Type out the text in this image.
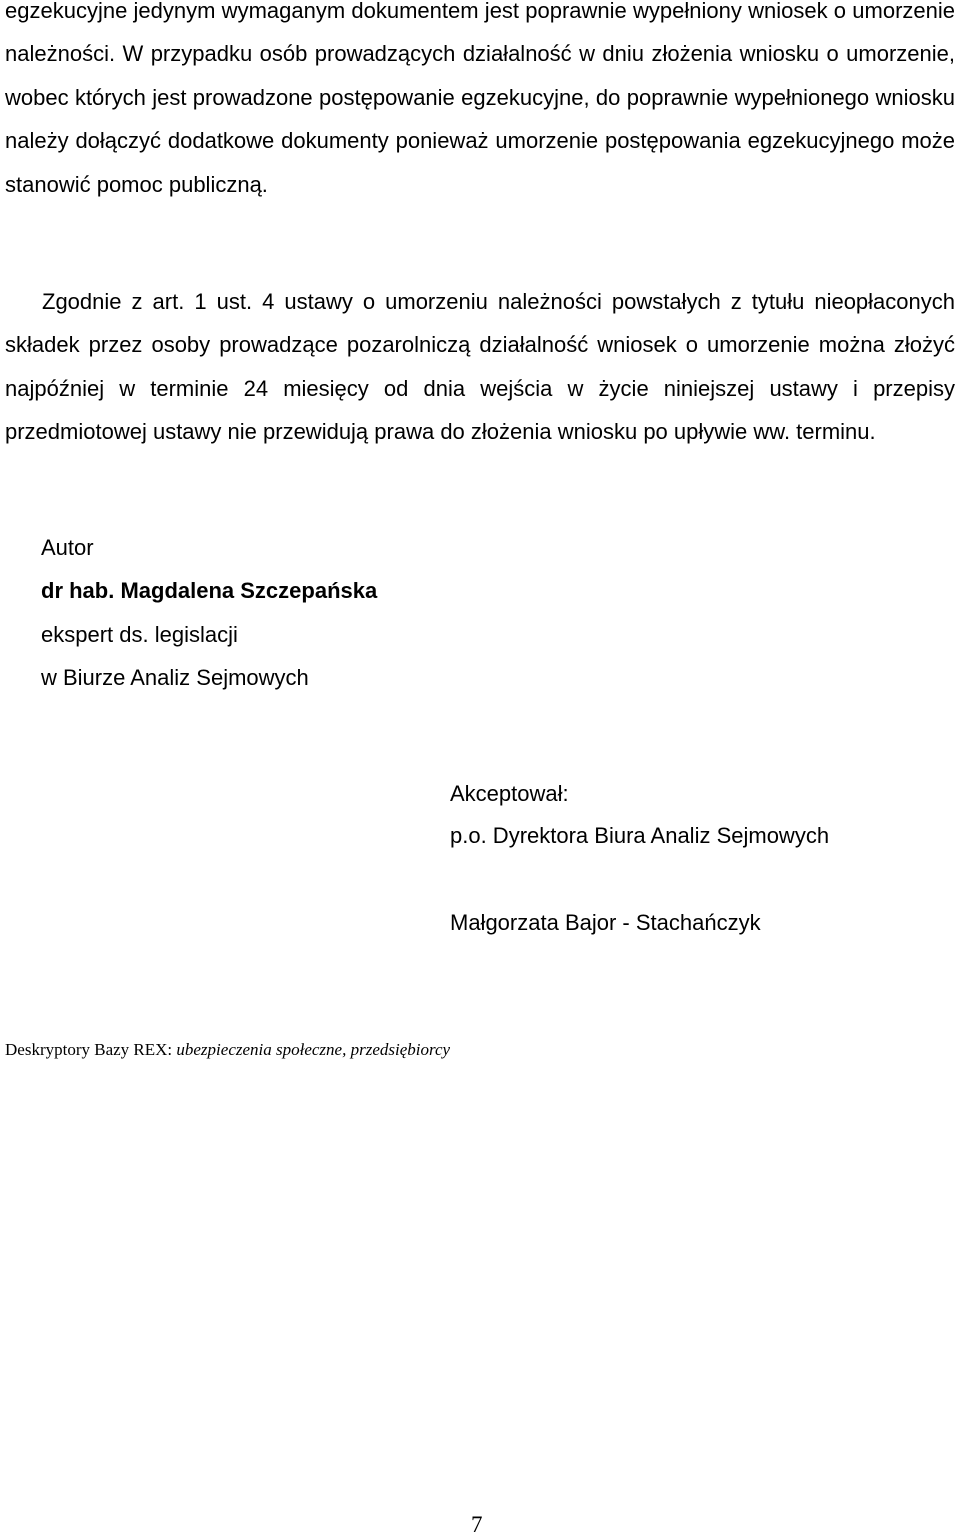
egzekucyjne jedynym wymaganym dokumentem jest poprawnie wypełniony wniosek o umorzenie należności. W przypadku osób prowadzących działalność w dniu złożenia wniosku o umorzenie, wobec których jest prowadzone postępowanie egzekucyjne, do poprawnie wypełnionego wniosku należy dołączyć dodatkowe dokumenty ponieważ umorzenie postępowania egzekucyjnego może stanowić pomoc publiczną.

Zgodnie z art. 1 ust. 4 ustawy o umorzeniu należności powstałych z tytułu nieopłaconych składek przez osoby prowadzące pozarolniczą działalność wniosek o umorzenie można złożyć najpóźniej w terminie 24 miesięcy od dnia wejścia w życie niniejszej ustawy i przepisy przedmiotowej ustawy nie przewidują prawa do złożenia wniosku po upływie ww. terminu.

Autor
dr hab. Magdalena Szczepańska
ekspert ds. legislacji
w Biurze Analiz Sejmowych
Akceptował:
p.o. Dyrektora Biura Analiz Sejmowych
Małgorzata Bajor - Stachańczyk
Deskryptory Bazy REX: ubezpieczenia społeczne, przedsiębiorcy
7
